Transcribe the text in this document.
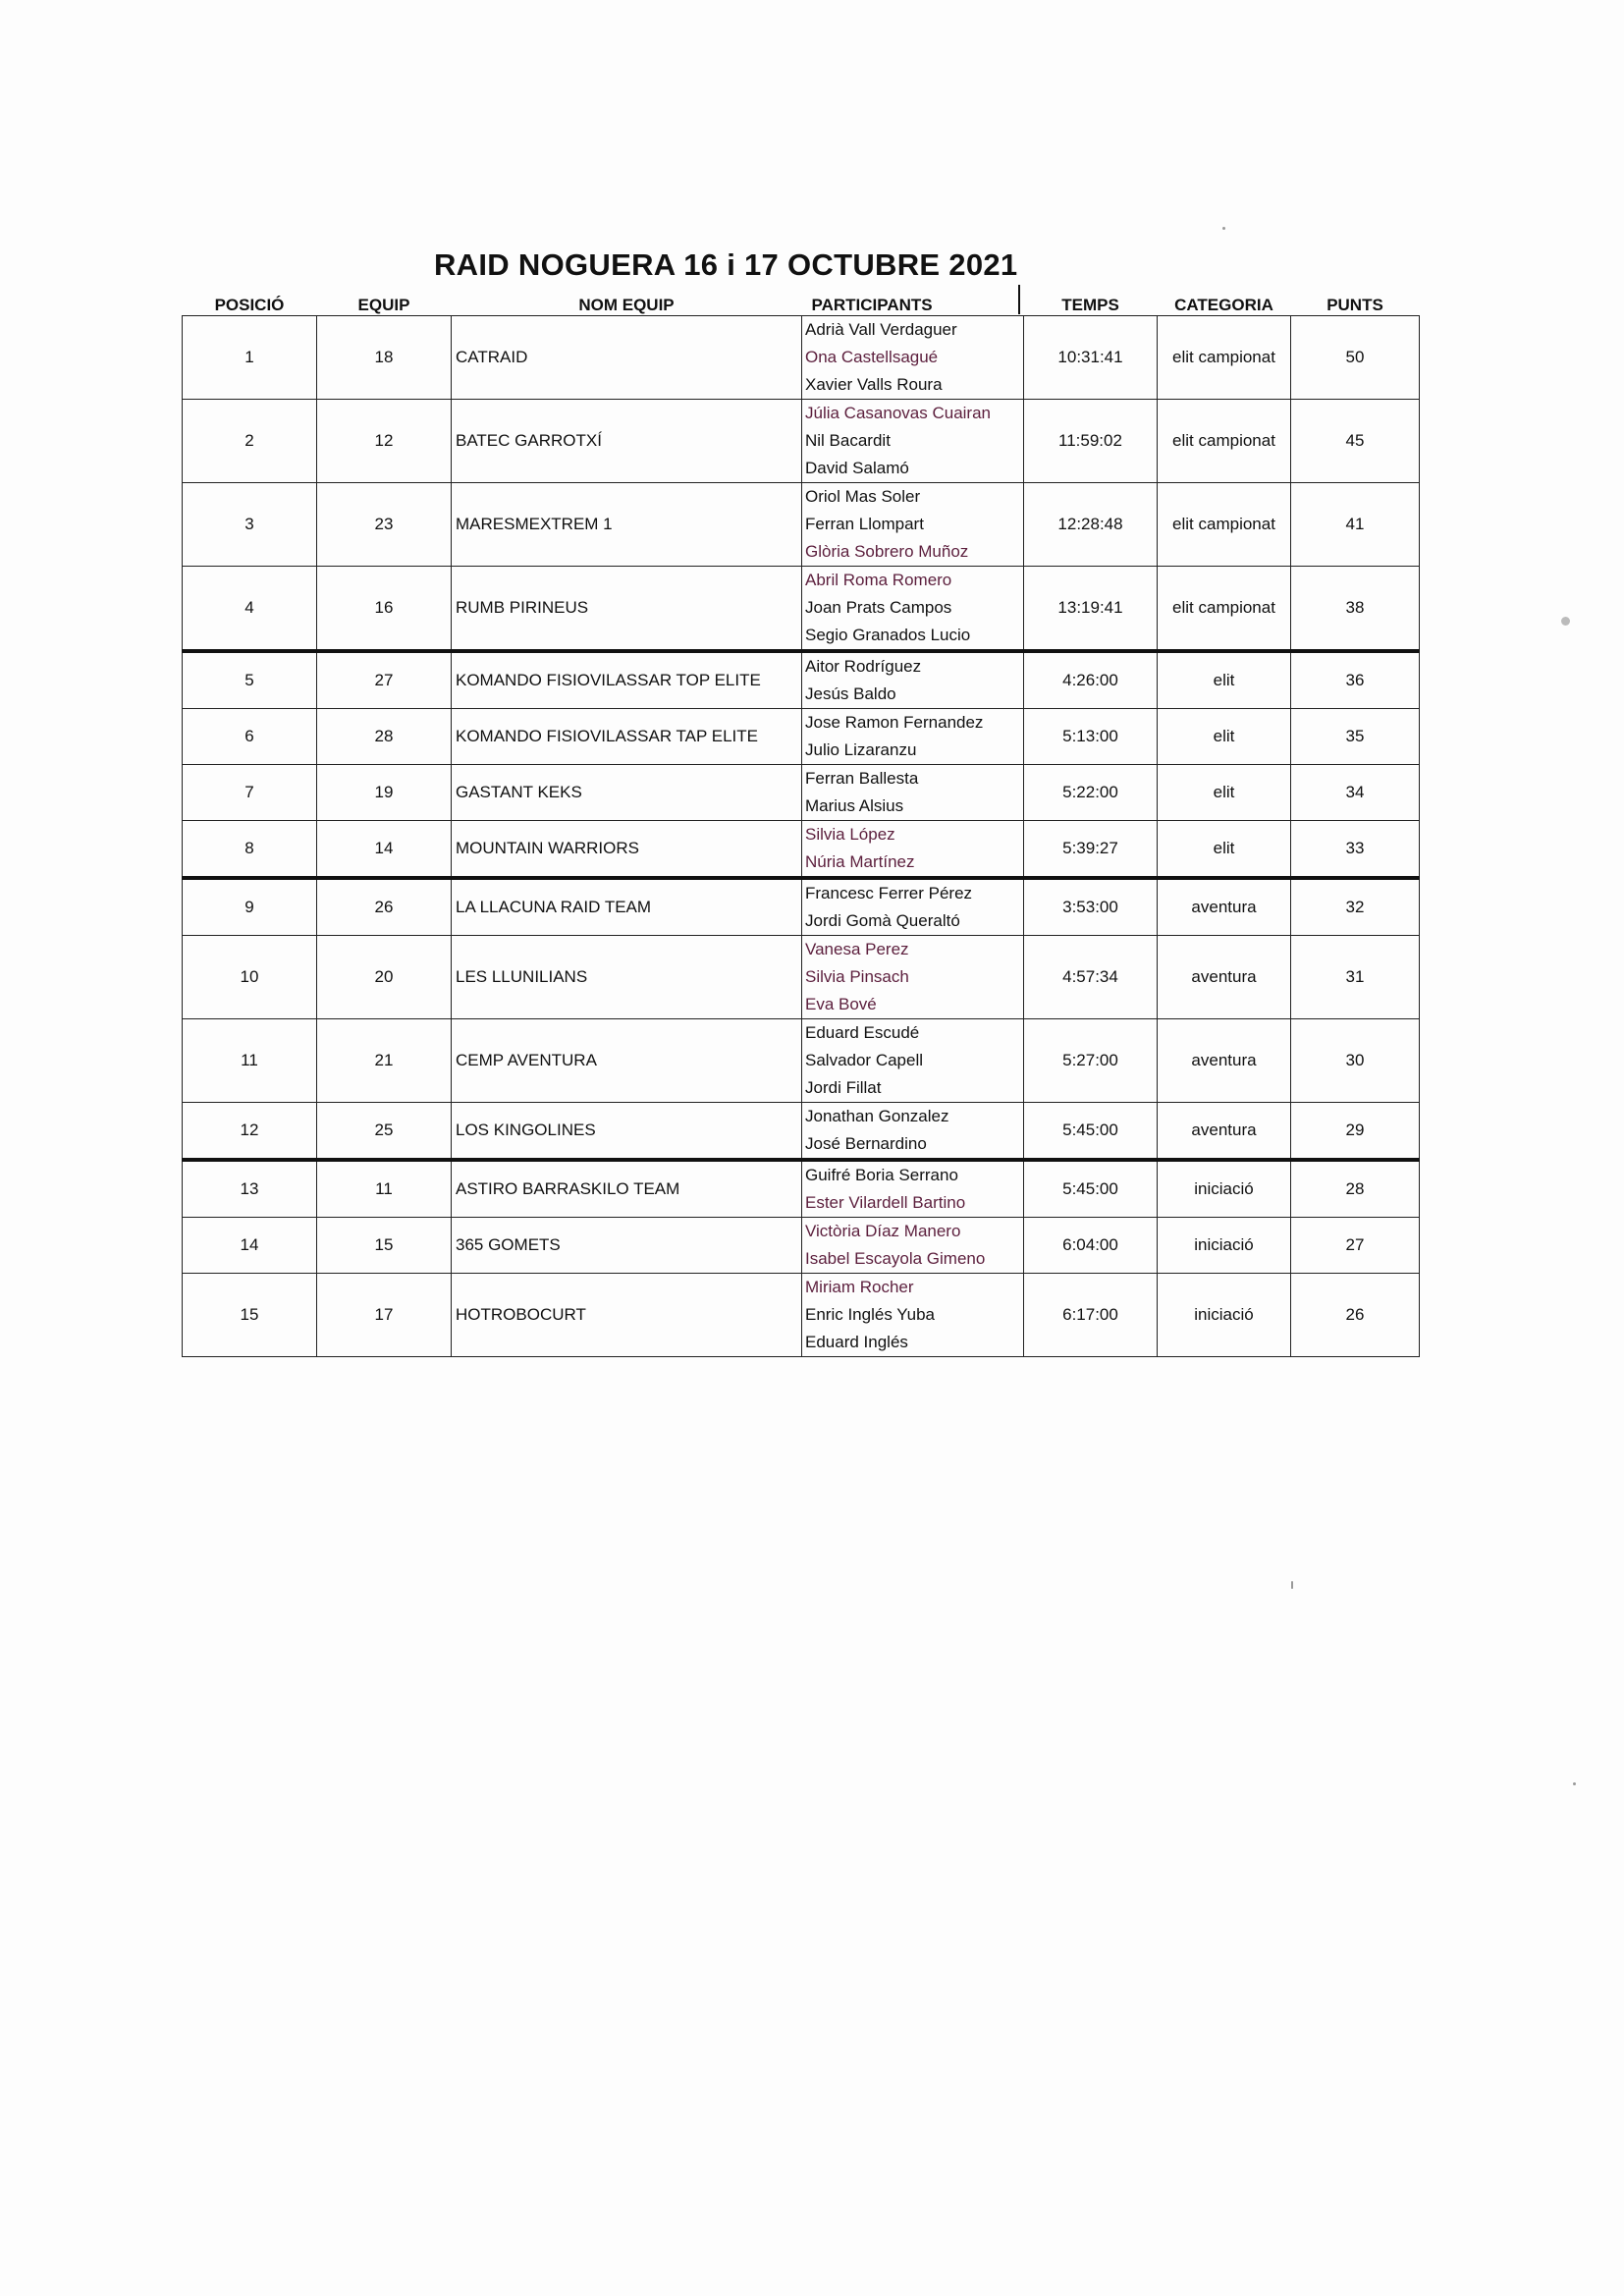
RAID NOGUERA 16 i 17 OCTUBRE 2021
POSICIÓ	EQUIP	NOM EQUIP	PARTICIPANTS	TEMPS	CATEGORIA	PUNTS
1	18	CATRAID	Adrià Vall Verdaguer
Ona Castellsagué
Xavier Valls Roura	10:31:41	elit campionat	50
2	12	BATEC GARROTXÍ	Júlia Casanovas Cuairan
Nil Bacardit
David Salamó	11:59:02	elit campionat	45
3	23	MARESMEXTREM 1	Oriol Mas Soler
Ferran Llompart
Glòria Sobrero Muñoz	12:28:48	elit campionat	41
4	16	RUMB PIRINEUS	Abril Roma Romero
Joan Prats Campos
Segio Granados Lucio	13:19:41	elit campionat	38
5	27	KOMANDO FISIOVILASSAR TOP ELITE	Aitor Rodríguez
Jesús Baldo	4:26:00	elit	36
6	28	KOMANDO FISIOVILASSAR TAP ELITE	Jose Ramon Fernandez
Julio Lizaranzu	5:13:00	elit	35
7	19	GASTANT KEKS	Ferran Ballesta
Marius Alsius	5:22:00	elit	34
8	14	MOUNTAIN WARRIORS	Silvia López
Núria Martínez	5:39:27	elit	33
9	26	LA LLACUNA RAID TEAM	Francesc Ferrer Pérez
Jordi Gomà Queraltó	3:53:00	aventura	32
10	20	LES LLUNILIANS	Vanesa Perez
Silvia Pinsach
Eva Bové	4:57:34	aventura	31
11	21	CEMP AVENTURA	Eduard Escudé
Salvador Capell
Jordi Fillat	5:27:00	aventura	30
12	25	LOS KINGOLINES	Jonathan Gonzalez
José Bernardino	5:45:00	aventura	29
13	11	ASTIRO BARRASKILO TEAM	Guifré Boria Serrano
Ester Vilardell Bartino	5:45:00	iniciació	28
14	15	365 GOMETS	Victòria Díaz Manero
Isabel Escayola Gimeno	6:04:00	iniciació	27
15	17	HOTROBOCURT	Miriam Rocher
Enric Inglés Yuba
Eduard Inglés	6:17:00	iniciació	26
